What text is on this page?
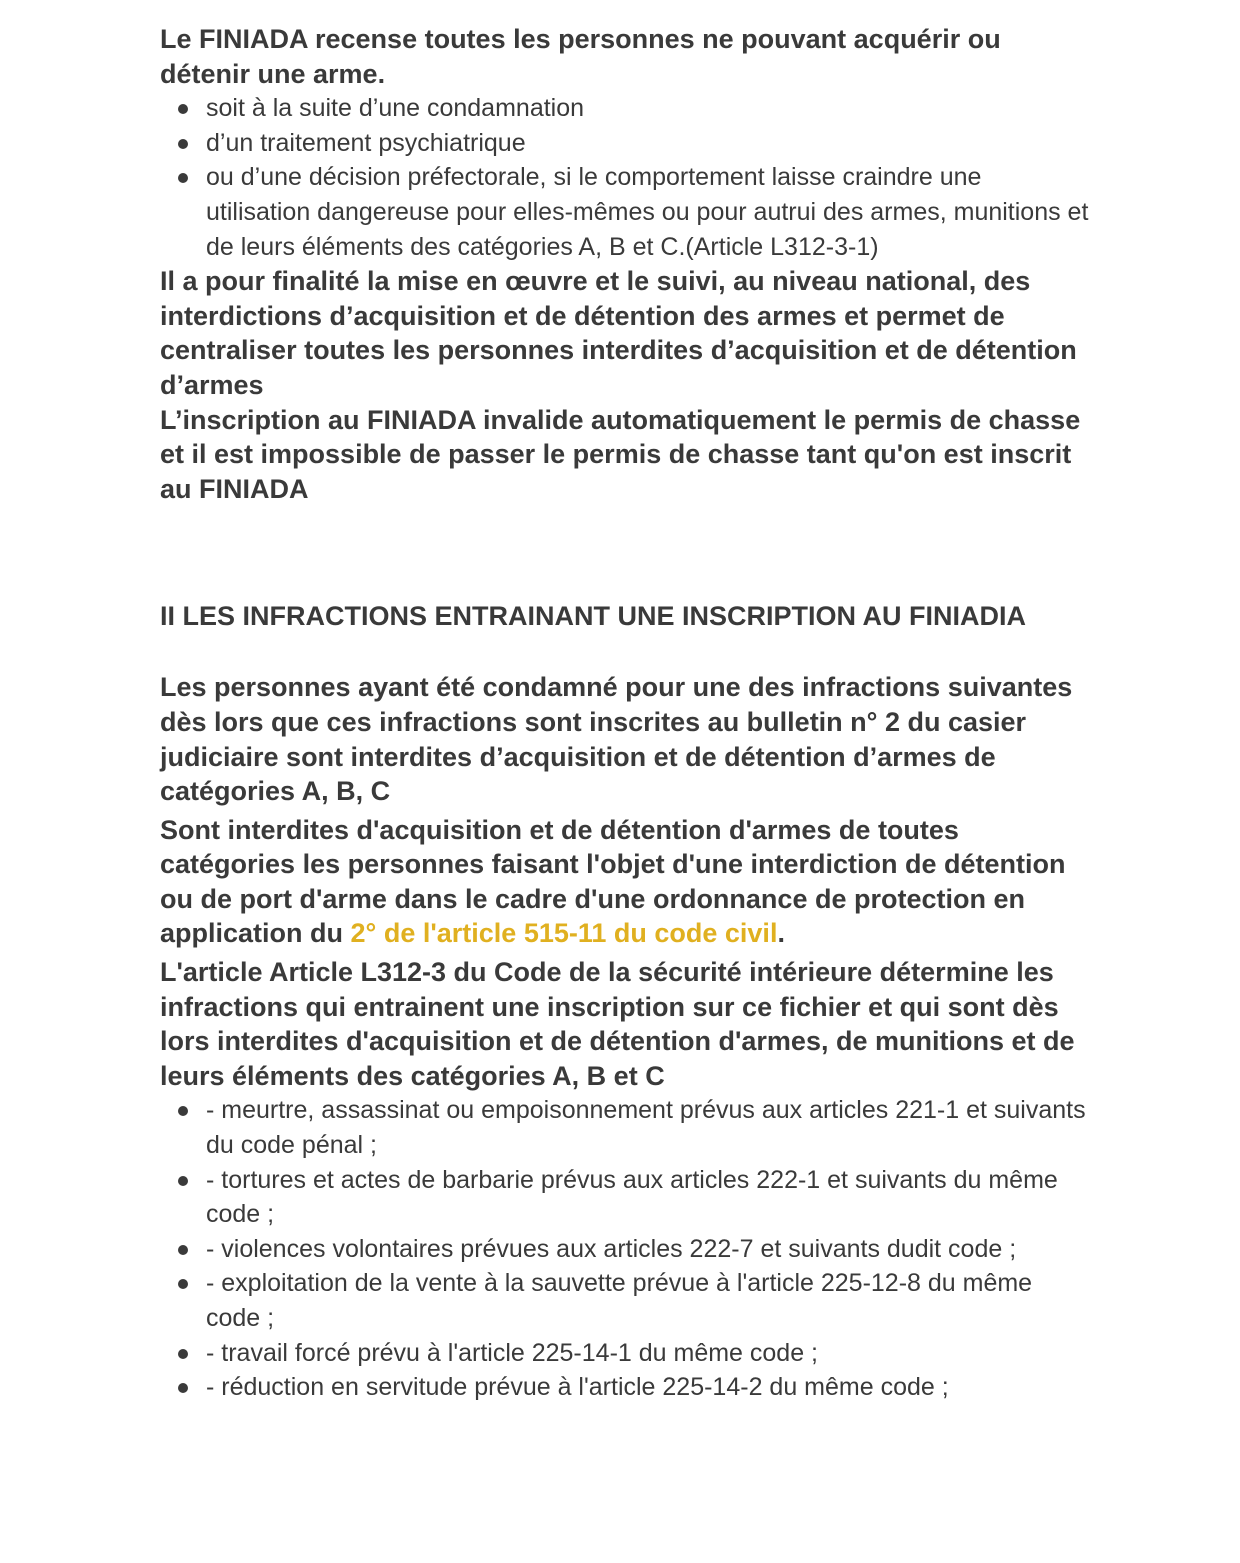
Le FINIADA recense toutes les personnes ne pouvant acquérir ou détenir une arme.

soit à la suite d’une condamnation
d’un traitement psychiatrique
ou d’une décision préfectorale, si le comportement laisse craindre une utilisation dangereuse pour elles-mêmes ou pour autrui des armes, munitions et de leurs éléments des catégories A, B et C.(Article L312-3-1)

Il a pour finalité la mise en œuvre et le suivi, au niveau national, des interdictions d’acquisition et de détention des armes et permet de centraliser toutes les personnes interdites d’acquisition et de détention d’armes

L’inscription au FINIADA invalide automatiquement le permis de chasse et il est impossible de passer le permis de chasse tant qu'on est inscrit au FINIADA

II LES INFRACTIONS ENTRAINANT UNE INSCRIPTION AU FINIADIA

Les personnes ayant été condamné pour une des infractions suivantes dès lors que ces infractions sont inscrites au bulletin n° 2 du casier judiciaire sont interdites d’acquisition et de détention d’armes de catégories A, B, C

Sont interdites d'acquisition et de détention d'armes de toutes catégories les personnes faisant l'objet d'une interdiction de détention ou de port d'arme dans le cadre d'une ordonnance de protection en application du 2° de l'article 515-11 du code civil.

L'article Article L312-3 du Code de la sécurité intérieure détermine les infractions qui entrainent une inscription sur ce fichier et qui sont dès lors interdites d'acquisition et de détention d'armes, de munitions et de leurs éléments des catégories A, B et C

- meurtre, assassinat ou empoisonnement prévus aux articles 221-1 et suivants du code pénal ;
- tortures et actes de barbarie prévus aux articles 222-1 et suivants du même code ;
- violences volontaires prévues aux articles 222-7 et suivants dudit code ;
- exploitation de la vente à la sauvette prévue à l'article 225-12-8 du même code ;
- travail forcé prévu à l'article 225-14-1 du même code ;
- réduction en servitude prévue à l'article 225-14-2 du même code ;
